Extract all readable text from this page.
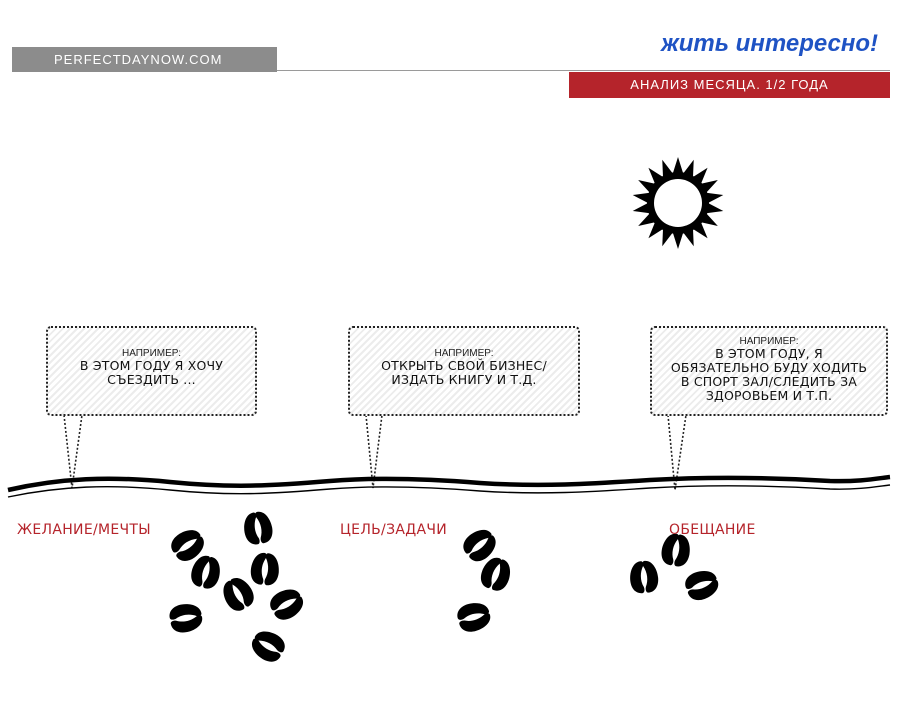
PERFECTDAYNOW.COM
жить интересно!
АНАЛИЗ МЕСЯЦА. 1/2 ГОДА
НАПРИМЕР:
В ЭТОМ ГОДУ Я ХОЧУ
СЪЕЗДИТЬ ...
НАПРИМЕР:
ОТКРЫТЬ СВОЙ БИЗНЕС/
ИЗДАТЬ КНИГУ И Т.Д.
НАПРИМЕР:
В ЭТОМ ГОДУ, Я
ОБЯЗАТЕЛЬНО БУДУ ХОДИТЬ
В СПОРТ ЗАЛ/СЛЕДИТЬ ЗА
ЗДОРОВЬЕМ И Т.П.
ЖЕЛАНИЕ/МЕЧТЫ	ЦЕЛЬ/ЗАДАЧИ	ОБЕЩАНИЕ
